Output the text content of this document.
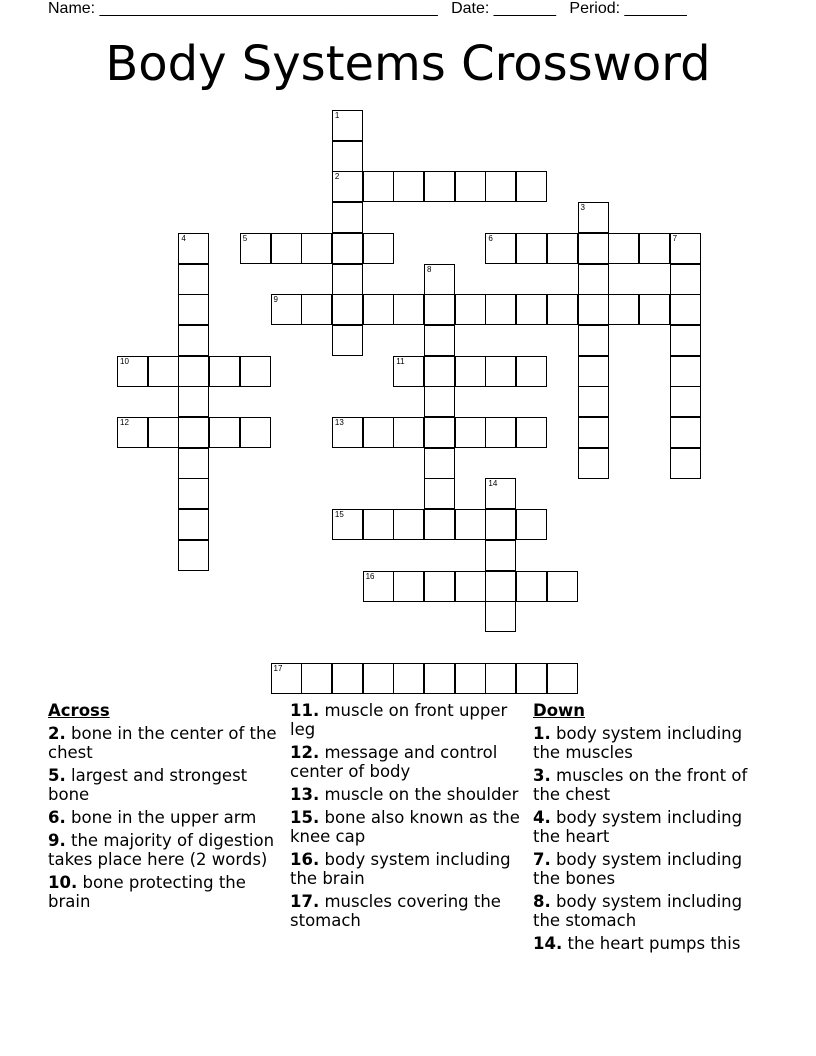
Name: ______________________________________ Date: _______ Period: _______
Body Systems Crossword
1
2
3
4	5	6	7
8
9
10	11
12	13
14
15
16
17
Across
2. bone in the center of the chest
5. largest and strongest bone
6. bone in the upper arm
9. the majority of digestion takes place here (2 words)
10. bone protecting the brain
11. muscle on front upper leg
12. message and control center of body
13. muscle on the shoulder
15. bone also known as the knee cap
16. body system including the brain
17. muscles covering the stomach
Down
1. body system including the muscles
3. muscles on the front of the chest
4. body system including the heart
7. body system including the bones
8. body system including the stomach
14. the heart pumps this
